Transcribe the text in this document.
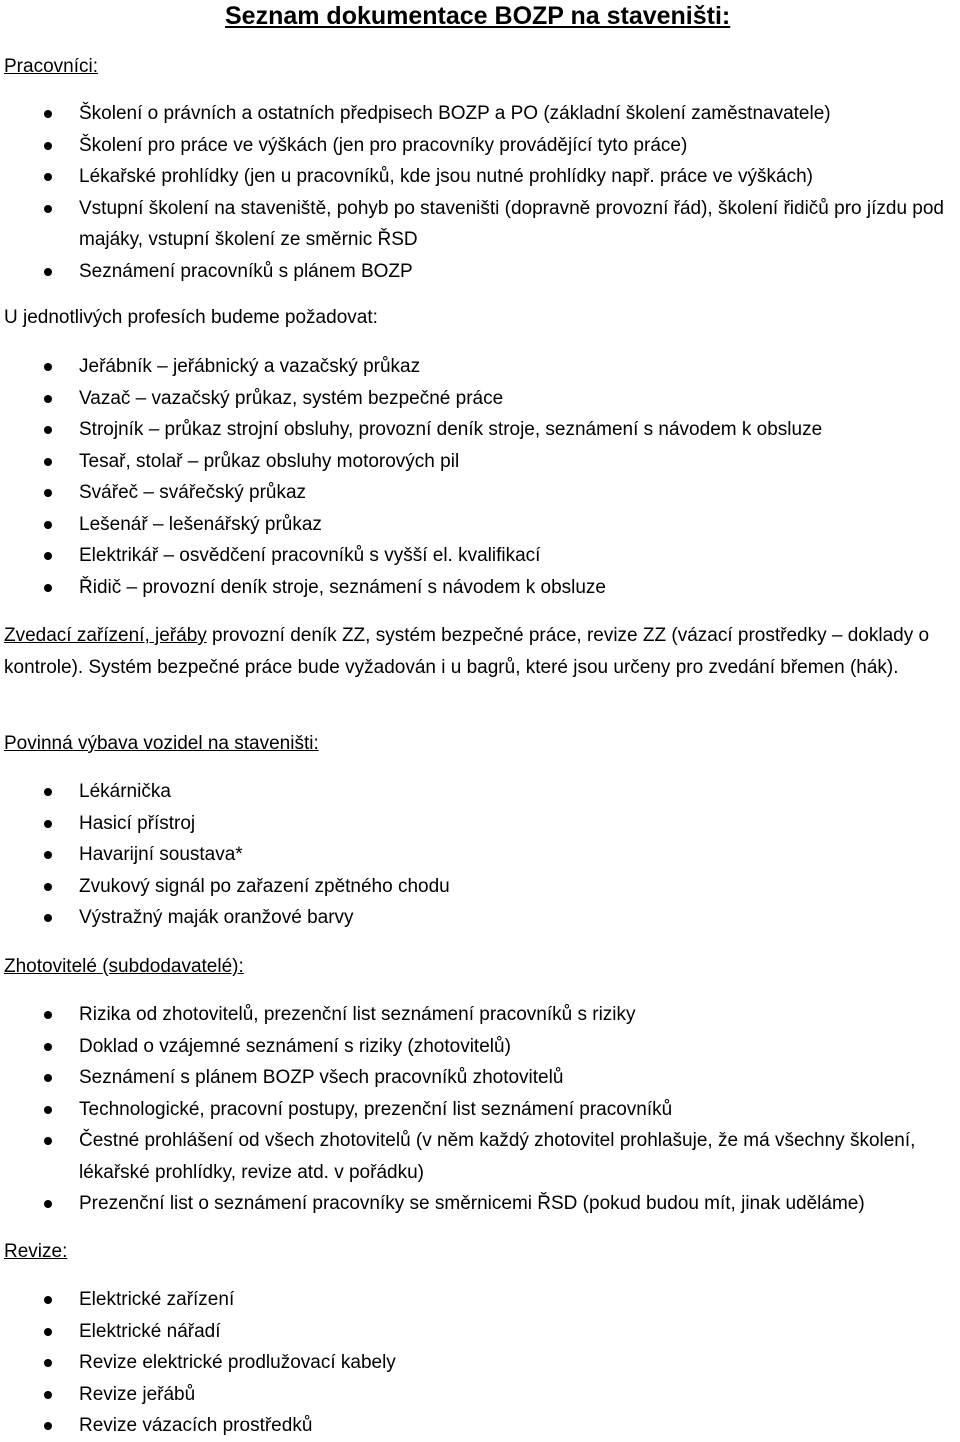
Seznam dokumentace BOZP na staveništi:
Pracovníci:
Školení o právních a ostatních předpisech BOZP a PO (základní školení zaměstnavatele)
Školení pro práce ve výškách (jen pro pracovníky provádějící tyto práce)
Lékařské prohlídky (jen u pracovníků, kde jsou nutné prohlídky např. práce ve výškách)
Vstupní školení na staveniště, pohyb po staveništi (dopravně provozní řád), školení řidičů pro jízdu pod majáky, vstupní školení ze směrnic ŘSD
Seznámení pracovníků s plánem BOZP
U jednotlivých profesích budeme požadovat:
Jeřábník – jeřábnický a vazačský průkaz
Vazač – vazačský průkaz, systém bezpečné práce
Strojník – průkaz strojní obsluhy, provozní deník stroje, seznámení s návodem k obsluze
Tesař, stolař – průkaz obsluhy motorových pil
Svářeč – svářečský průkaz
Lešenář – lešenářský průkaz
Elektrikář – osvědčení pracovníků s vyšší el. kvalifikací
Řidič – provozní deník stroje, seznámení s návodem k obsluze
Zvedací zařízení, jeřáby provozní deník ZZ, systém bezpečné práce, revize ZZ (vázací prostředky – doklady o kontrole). Systém bezpečné práce bude vyžadován i u bagrů, které jsou určeny pro zvedání břemen (hák).
Povinná výbava vozidel na staveništi:
Lékárnička
Hasicí přístroj
Havarijní soustava*
Zvukový signál po zařazení zpětného chodu
Výstražný maják oranžové barvy
Zhotovitelé (subdodavatelé):
Rizika od zhotovitelů, prezenční list seznámení pracovníků s riziky
Doklad o vzájemné seznámení s riziky (zhotovitelů)
Seznámení s plánem BOZP všech pracovníků zhotovitelů
Technologické, pracovní postupy, prezenční list seznámení pracovníků
Čestné prohlášení od všech zhotovitelů (v něm každý zhotovitel prohlašuje, že má všechny školení, lékařské prohlídky, revize atd. v pořádku)
Prezenční list o seznámení pracovníky se směrnicemi ŘSD (pokud budou mít, jinak uděláme)
Revize:
Elektrické zařízení
Elektrické nářadí
Revize elektrické prodlužovací kabely
Revize jeřábů
Revize vázacích prostředků
